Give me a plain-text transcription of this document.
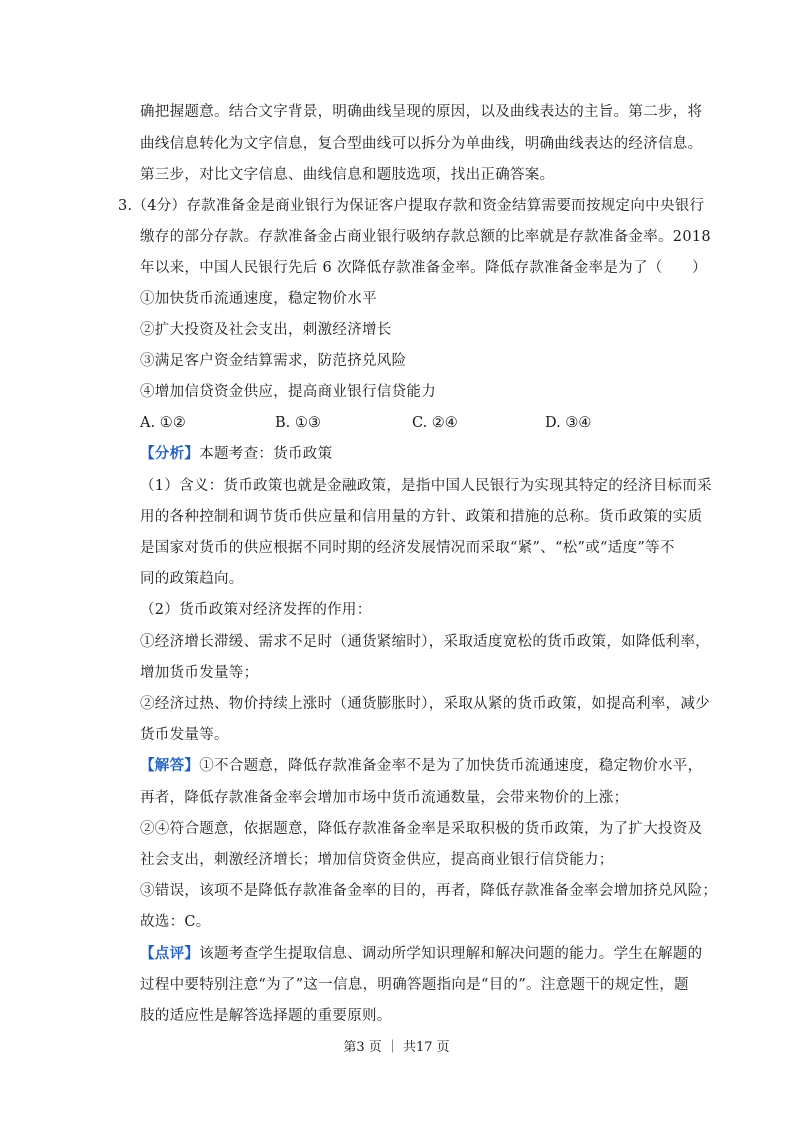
确把握题意。结合文字背景，明确曲线呈现的原因，以及曲线表达的主旨。第二步，将
曲线信息转化为文字信息，复合型曲线可以拆分为单曲线，明确曲线表达的经济信息。
第三步，对比文字信息、曲线信息和题肢选项，找出正确答案。
3.（4分）存款准备金是商业银行为保证客户提取存款和资金结算需要而按规定向中央银行
缴存的部分存款。存款准备金占商业银行吸纳存款总额的比率就是存款准备金率。2018
年以来，中国人民银行先后 6 次降低存款准备金率。降低存款准备金率是为了（　　）
①加快货币流通速度，稳定物价水平
②扩大投资及社会支出，刺激经济增长
③满足客户资金结算需求，防范挤兑风险
④增加信贷资金供应，提高商业银行信贷能力
A. ①②	B. ①③	C. ②④	D. ③④
【分析】本题考查：货币政策
（1）含义：货币政策也就是金融政策，是指中国人民银行为实现其特定的经济目标而采
用的各种控制和调节货币供应量和信用量的方针、政策和措施的总称。货币政策的实质
是国家对货币的供应根据不同时期的经济发展情况而采取“紧”、“松”或“适度”等不
同的政策趋向。
（2）货币政策对经济发挥的作用：
①经济增长滞缓、需求不足时（通货紧缩时），采取适度宽松的货币政策，如降低利率，
增加货币发量等；
②经济过热、物价持续上涨时（通货膨胀时），采取从紧的货币政策，如提高利率，减少
货币发量等。
【解答】①不合题意，降低存款准备金率不是为了加快货币流通速度，稳定物价水平，
再者，降低存款准备金率会增加市场中货币流通数量，会带来物价的上涨；
②④符合题意，依据题意，降低存款准备金率是采取积极的货币政策，为了扩大投资及
社会支出，刺激经济增长；增加信贷资金供应，提高商业银行信贷能力；
③错误，该项不是降低存款准备金率的目的，再者，降低存款准备金率会增加挤兑风险；
故选：C。
【点评】该题考查学生提取信息、调动所学知识理解和解决问题的能力。学生在解题的
过程中要特别注意“为了”这一信息，明确答题指向是“目的”。注意题干的规定性，题
肢的适应性是解答选择题的重要原则。
第3 页 ｜ 共17 页
